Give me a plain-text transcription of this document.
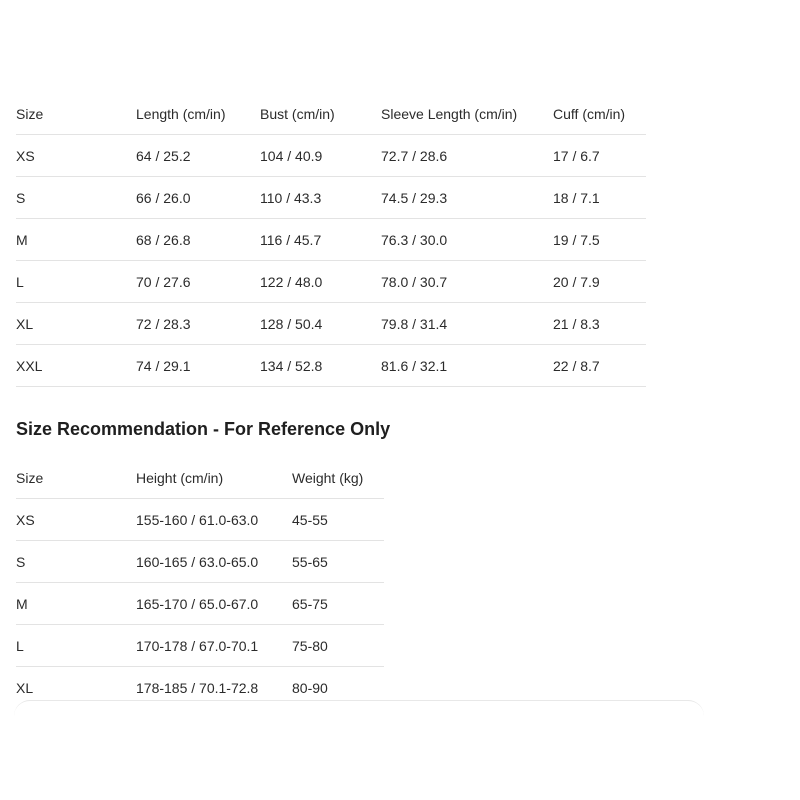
Size	Length (cm/in)	Bust (cm/in)	Sleeve Length (cm/in)	Cuff (cm/in)
XS	64 / 25.2	104 / 40.9	72.7 / 28.6	17 / 6.7
S	66 / 26.0	110 / 43.3	74.5 / 29.3	18 / 7.1
M	68 / 26.8	116 / 45.7	76.3 / 30.0	19 / 7.5
L	70 / 27.6	122 / 48.0	78.0 / 30.7	20 / 7.9
XL	72 / 28.3	128 / 50.4	79.8 / 31.4	21 / 8.3
XXL	74 / 29.1	134 / 52.8	81.6 / 32.1	22 / 8.7
Size Recommendation - For Reference Only
Size	Height (cm/in)	Weight (kg)
XS	155-160 / 61.0-63.0	45-55
S	160-165 / 63.0-65.0	55-65
M	165-170 / 65.0-67.0	65-75
L	170-178 / 67.0-70.1	75-80
XL	178-185 / 70.1-72.8	80-90
